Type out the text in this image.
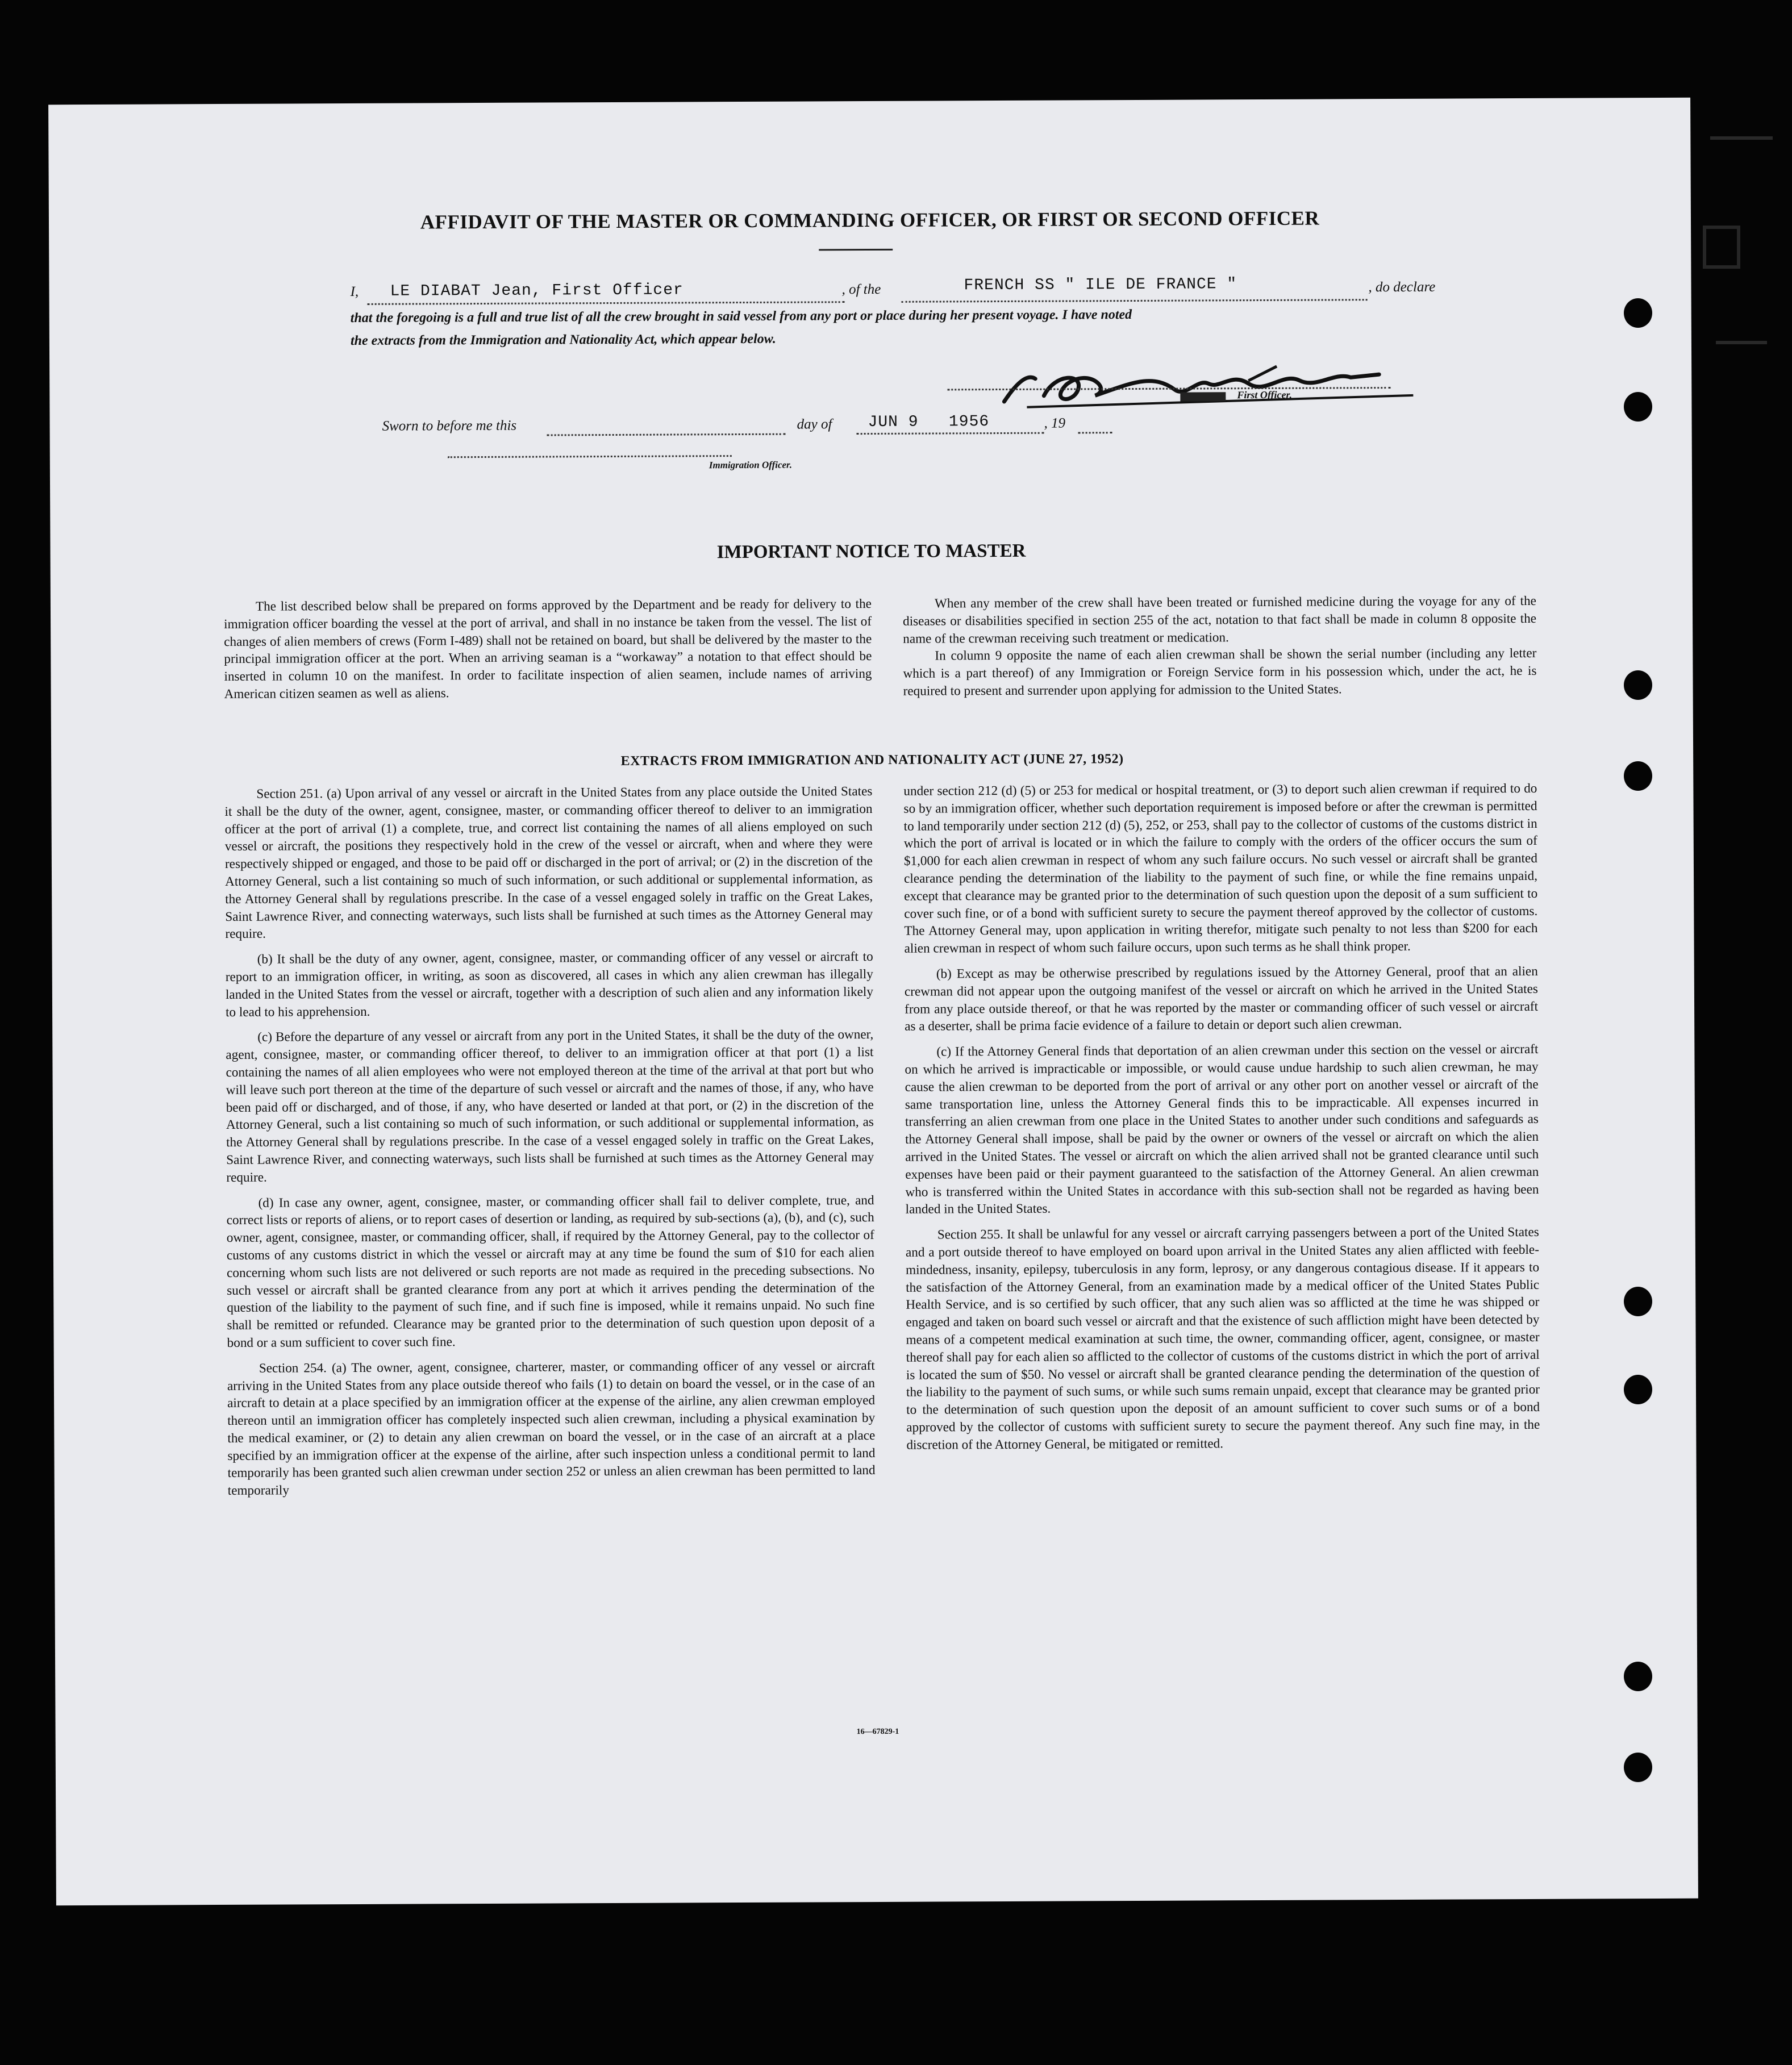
AFFIDAVIT OF THE MASTER OR COMMANDING OFFICER, OR FIRST OR SECOND OFFICER
I, LE DIABAT Jean, First Officer	, of the	FRENCH SS " ILE DE FRANCE "	, do declare
that the foregoing is a full and true list of all the crew brought in said vessel from any port or place during her present voyage. I have noted
the extracts from the Immigration and Nationality Act, which appear below.
First Officer.
Sworn to before me this	day of JUN 9   1956	, 19
Immigration Officer.
IMPORTANT NOTICE TO MASTER

The list described below shall be prepared on forms approved by the Department and be ready for delivery to the immigration officer boarding the vessel at the port of arrival, and shall in no instance be taken from the vessel. The list of changes of alien members of crews (Form I-489) shall not be retained on board, but shall be delivered by the master to the principal immigration officer at the port. When an arriving seaman is a “workaway” a notation to that effect should be inserted in column 10 on the manifest. In order to facilitate inspection of alien seamen, include names of arriving American citizen seamen as well as aliens.

When any member of the crew shall have been treated or furnished medicine during the voyage for any of the diseases or disabilities specified in section 255 of the act, notation to that fact shall be made in column 8 opposite the name of the crewman receiving such treatment or medication.

In column 9 opposite the name of each alien crewman shall be shown the serial number (including any letter which is a part thereof) of any Immigration or Foreign Service form in his possession which, under the act, he is required to present and surrender upon applying for admission to the United States.

EXTRACTS FROM IMMIGRATION AND NATIONALITY ACT (JUNE 27, 1952)

Section 251. (a) Upon arrival of any vessel or aircraft in the United States from any place outside the United States it shall be the duty of the owner, agent, consignee, master, or commanding officer thereof to deliver to an immigration officer at the port of arrival (1) a complete, true, and correct list containing the names of all aliens employed on such vessel or aircraft, the positions they respectively hold in the crew of the vessel or aircraft, when and where they were respectively shipped or engaged, and those to be paid off or discharged in the port of arrival; or (2) in the discretion of the Attorney General, such a list containing so much of such information, or such additional or supplemental information, as the Attorney General shall by regulations prescribe. In the case of a vessel engaged solely in traffic on the Great Lakes, Saint Lawrence River, and connecting waterways, such lists shall be furnished at such times as the Attorney General may require.

(b) It shall be the duty of any owner, agent, consignee, master, or commanding officer of any vessel or aircraft to report to an immigration officer, in writing, as soon as discovered, all cases in which any alien crewman has illegally landed in the United States from the vessel or aircraft, together with a description of such alien and any information likely to lead to his apprehension.

(c) Before the departure of any vessel or aircraft from any port in the United States, it shall be the duty of the owner, agent, consignee, master, or commanding officer thereof, to deliver to an immigration officer at that port (1) a list containing the names of all alien employees who were not employed thereon at the time of the arrival at that port but who will leave such port thereon at the time of the departure of such vessel or aircraft and the names of those, if any, who have been paid off or discharged, and of those, if any, who have deserted or landed at that port, or (2) in the discretion of the Attorney General, such a list containing so much of such information, or such additional or supplemental information, as the Attorney General shall by regulations prescribe. In the case of a vessel engaged solely in traffic on the Great Lakes, Saint Lawrence River, and connecting waterways, such lists shall be furnished at such times as the Attorney General may require.

(d) In case any owner, agent, consignee, master, or commanding officer shall fail to deliver complete, true, and correct lists or reports of aliens, or to report cases of desertion or landing, as required by sub-sections (a), (b), and (c), such owner, agent, consignee, master, or commanding officer, shall, if required by the Attorney General, pay to the collector of customs of any customs district in which the vessel or aircraft may at any time be found the sum of $10 for each alien concerning whom such lists are not delivered or such reports are not made as required in the preceding subsections. No such vessel or aircraft shall be granted clearance from any port at which it arrives pending the determination of the question of the liability to the payment of such fine, and if such fine is imposed, while it remains unpaid. No such fine shall be remitted or refunded. Clearance may be granted prior to the determination of such question upon deposit of a bond or a sum sufficient to cover such fine.

Section 254. (a) The owner, agent, consignee, charterer, master, or commanding officer of any vessel or aircraft arriving in the United States from any place outside thereof who fails (1) to detain on board the vessel, or in the case of an aircraft to detain at a place specified by an immigration officer at the expense of the airline, any alien crewman employed thereon until an immigration officer has completely inspected such alien crewman, including a physical examination by the medical examiner, or (2) to detain any alien crewman on board the vessel, or in the case of an aircraft at a place specified by an immigration officer at the expense of the airline, after such inspection unless a conditional permit to land temporarily has been granted such alien crewman under section 252 or unless an alien crewman has been permitted to land temporarily

under section 212 (d) (5) or 253 for medical or hospital treatment, or (3) to deport such alien crewman if required to do so by an immigration officer, whether such deportation requirement is imposed before or after the crewman is permitted to land temporarily under section 212 (d) (5), 252, or 253, shall pay to the collector of customs of the customs district in which the port of arrival is located or in which the failure to comply with the orders of the officer occurs the sum of $1,000 for each alien crewman in respect of whom any such failure occurs. No such vessel or aircraft shall be granted clearance pending the determination of the liability to the payment of such fine, or while the fine remains unpaid, except that clearance may be granted prior to the determination of such question upon the deposit of a sum sufficient to cover such fine, or of a bond with sufficient surety to secure the payment thereof approved by the collector of customs. The Attorney General may, upon application in writing therefor, mitigate such penalty to not less than $200 for each alien crewman in respect of whom such failure occurs, upon such terms as he shall think proper.

(b) Except as may be otherwise prescribed by regulations issued by the Attorney General, proof that an alien crewman did not appear upon the outgoing manifest of the vessel or aircraft on which he arrived in the United States from any place outside thereof, or that he was reported by the master or commanding officer of such vessel or aircraft as a deserter, shall be prima facie evidence of a failure to detain or deport such alien crewman.

(c) If the Attorney General finds that deportation of an alien crewman under this section on the vessel or aircraft on which he arrived is impracticable or impossible, or would cause undue hardship to such alien crewman, he may cause the alien crewman to be deported from the port of arrival or any other port on another vessel or aircraft of the same transportation line, unless the Attorney General finds this to be impracticable. All expenses incurred in transferring an alien crewman from one place in the United States to another under such conditions and safeguards as the Attorney General shall impose, shall be paid by the owner or owners of the vessel or aircraft on which the alien arrived in the United States. The vessel or aircraft on which the alien arrived shall not be granted clearance until such expenses have been paid or their payment guaranteed to the satisfaction of the Attorney General. An alien crewman who is transferred within the United States in accordance with this sub-section shall not be regarded as having been landed in the United States.

Section 255. It shall be unlawful for any vessel or aircraft carrying passengers between a port of the United States and a port outside thereof to have employed on board upon arrival in the United States any alien afflicted with feeble-mindedness, insanity, epilepsy, tuberculosis in any form, leprosy, or any dangerous contagious disease. If it appears to the satisfaction of the Attorney General, from an examination made by a medical officer of the United States Public Health Service, and is so certified by such officer, that any such alien was so afflicted at the time he was shipped or engaged and taken on board such vessel or aircraft and that the existence of such affliction might have been detected by means of a competent medical examination at such time, the owner, commanding officer, agent, consignee, or master thereof shall pay for each alien so afflicted to the collector of customs of the customs district in which the port of arrival is located the sum of $50. No vessel or aircraft shall be granted clearance pending the determination of the question of the liability to the payment of such sums, or while such sums remain unpaid, except that clearance may be granted prior to the determination of such question upon the deposit of an amount sufficient to cover such sums or of a bond approved by the collector of customs with sufficient surety to secure the payment thereof. Any such fine may, in the discretion of the Attorney General, be mitigated or remitted.

16—67829-1
